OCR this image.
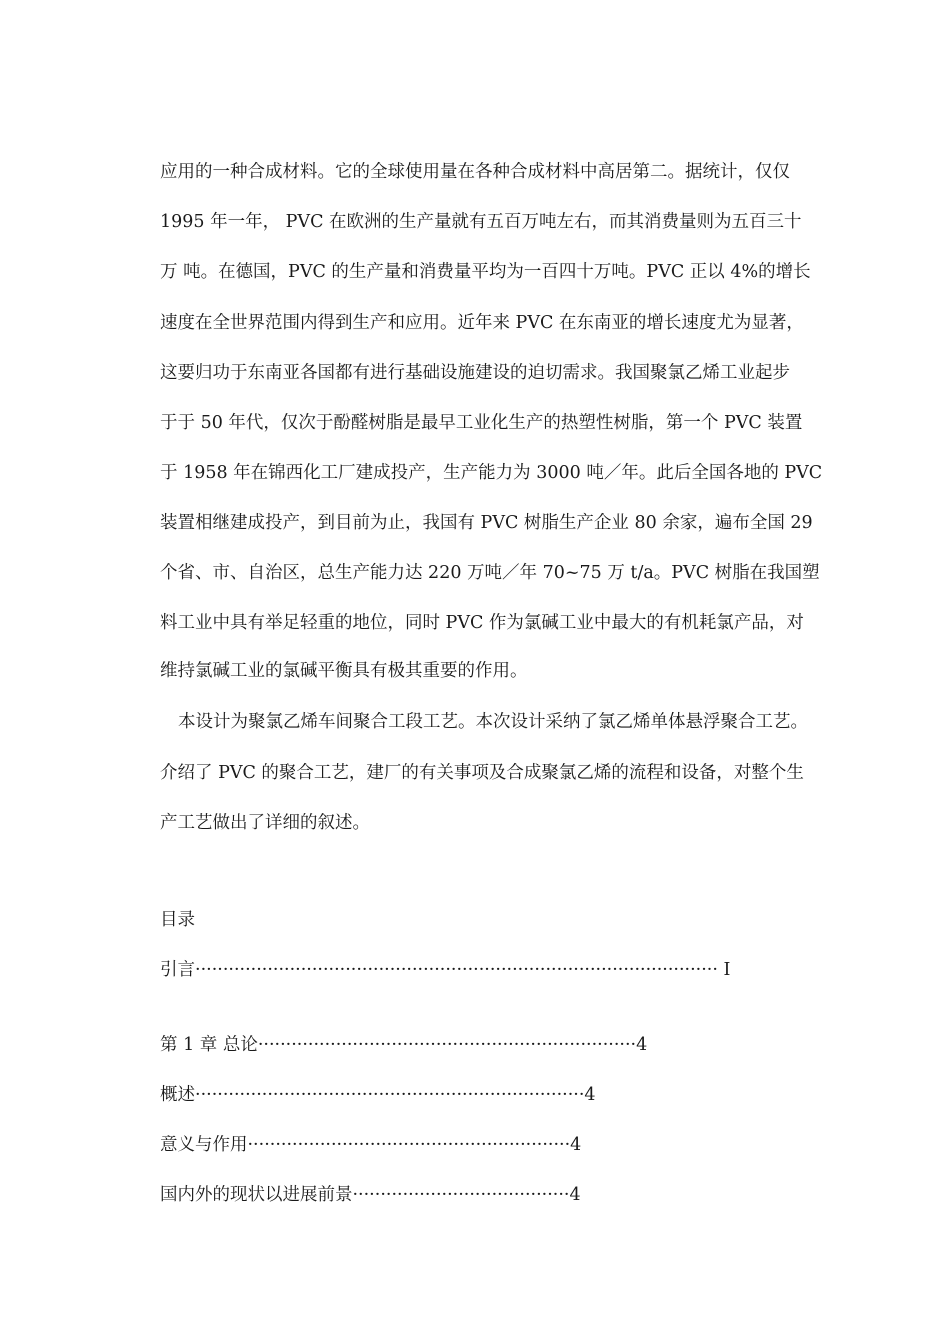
应用的一种合成材料。它的全球使用量在各种合成材料中高居第二。据统计，仅仅
1995 年一年， PVC 在欧洲的生产量就有五百万吨左右，而其消费量则为五百三十
万 吨。在德国，PVC 的生产量和消费量平均为一百四十万吨。PVC 正以 4%的增长
速度在全世界范围内得到生产和应用。近年来 PVC 在东南亚的增长速度尤为显著，
这要归功于东南亚各国都有进行基础设施建设的迫切需求。我国聚氯乙烯工业起步
于于 50 年代，仅次于酚醛树脂是最早工业化生产的热塑性树脂，第一个 PVC 装置
于 1958 年在锦西化工厂建成投产，生产能力为 3000 吨／年。此后全国各地的 PVC
装置相继建成投产，到目前为止，我国有 PVC 树脂生产企业 80 余家，遍布全国 29
个省、市、自治区，总生产能力达 220 万吨／年 70~75 万 t/a。PVC 树脂在我国塑
料工业中具有举足轻重的地位，同时 PVC 作为氯碱工业中最大的有机耗氯产品，对
维持氯碱工业的氯碱平衡具有极其重要的作用。
本设计为聚氯乙烯车间聚合工段工艺。本次设计采纳了氯乙烯单体悬浮聚合工艺。
介绍了 PVC 的聚合工艺，建厂的有关事项及合成聚氯乙烯的流程和设备，对整个生
产工艺做出了详细的叙述。
目录
引言······························································································ Ⅰ
第 1 章 总论····································································4
概述······································································4
意义与作用··························································4
国内外的现状以进展前景·······································4
